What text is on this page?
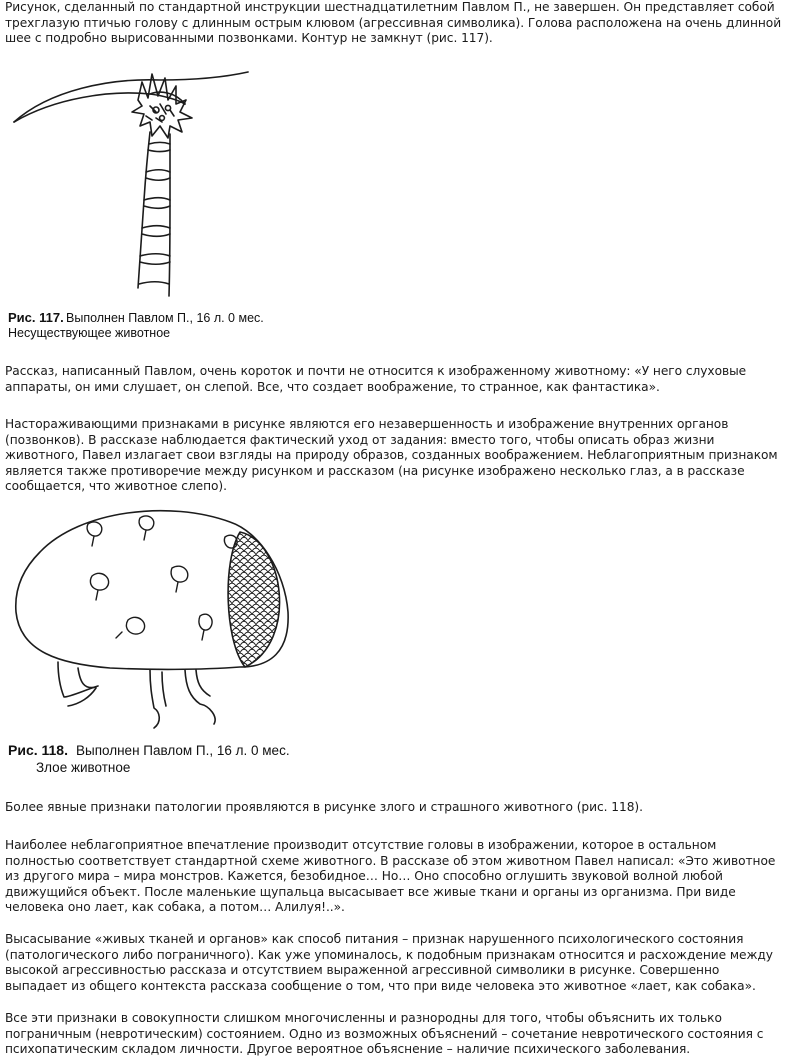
Рисунок, сделанный по стандартной инструкции шестнадцатилетним Павлом П., не завершен. Он представляет собой трехглазую птичью голову с длинным острым клювом (агрессивная символика). Голова расположена на очень длинной шее с подробно вырисованными позвонками. Контур не замкнут (рис. 117).

Рис. 117. Выполнен Павлом П., 16 л. 0 мес.
Несуществующее животное

Рассказ, написанный Павлом, очень короток и почти не относится к изображенному животному: «У него слуховые аппараты, он ими слушает, он слепой. Все, что создает воображение, то странное, как фантастика».

Настораживающими признаками в рисунке являются его незавершенность и изображение внутренних органов (позвонков). В рассказе наблюдается фактический уход от задания: вместо того, чтобы описать образ жизни животного, Павел излагает свои взгляды на природу образов, созданных воображением. Неблагоприятным признаком является также противоречие между рисунком и рассказом (на рисунке изображено несколько глаз, а в рассказе сообщается, что животное слепо).

Рис. 118. Выполнен Павлом П., 16 л. 0 мес.
Злое животное

Более явные признаки патологии проявляются в рисунке злого и страшного животного (рис. 118).

Наиболее неблагоприятное впечатление производит отсутствие головы в изображении, которое в остальном полностью соответствует стандартной схеме животного. В рассказе об этом животном Павел написал: «Это животное из другого мира – мира монстров. Кажется, безобидное… Но… Оно способно оглушить звуковой волной любой движущийся объект. После маленькие щупальца высасывает все живые ткани и органы из организма. При виде человека оно лает, как собака, а потом… Алилуя!..».

Высасывание «живых тканей и органов» как способ питания – признак нарушенного психологического состояния (патологического либо пограничного). Как уже упоминалось, к подобным признакам относится и расхождение между высокой агрессивностью рассказа и отсутствием выраженной агрессивной символики в рисунке. Совершенно выпадает из общего контекста рассказа сообщение о том, что при виде человека это животное «лает, как собака».

Все эти признаки в совокупности слишком многочисленны и разнородны для того, чтобы объяснить их только пограничным (невротическим) состоянием. Одно из возможных объяснений – сочетание невротического состояния с психопатическим складом личности. Другое вероятное объяснение – наличие психического заболевания.
